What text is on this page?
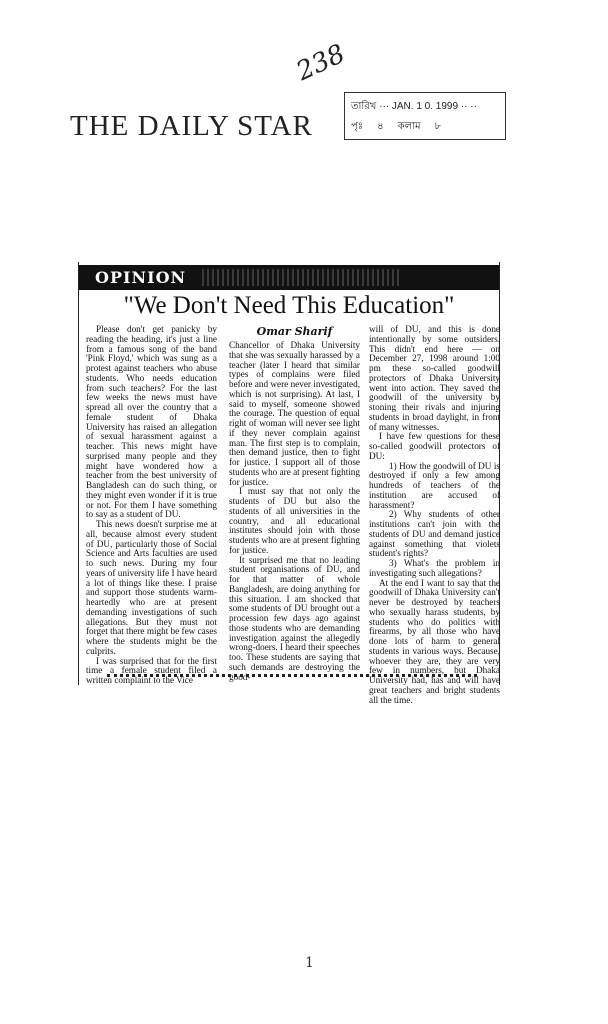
238
THE DAILY STAR
তারিখ ··· JAN. 1 0. 1999 ·· ··
পৃঃ ৪ কলাম ৮
OPINION
"We Don't Need This Education"

Please don't get panicky by reading the heading, it's just a line from a famous song of the band 'Pink Floyd,' which was sung as a protest against teachers who abuse students. Who needs education from such teachers? For the last few weeks the news must have spread all over the country that a female student of Dhaka University has raised an allegation of sexual harassment against a teacher. This news might have surprised many people and they might have wondered how a teacher from the best university of Bangladesh can do such thing, or they might even wonder if it is true or not. For them I have something to say as a student of DU.

This news doesn't surprise me at all, because almost every student of DU, particularly those of Social Science and Arts faculties are used to such news. During my four years of university life I have heard a lot of things like these. I praise and support those students warm-heartedly who are at present demanding investigations of such allegations. But they must not forget that there might be few cases where the students might be the culprits.

I was surprised that for the first time a female student filed a written complaint to the Vice

Omar Sharif

Chancellor of Dhaka University that she was sexually harassed by a teacher (later I heard that similar types of complains were filed before and were never investigated, which is not surprising). At last, I said to myself, someone showed the courage. The question of equal right of woman will never see light if they never complain against man. The first step is to complain, then demand justice, then to fight for justice. I support all of those students who are at present fighting for justice.

I must say that not only the students of DU but also the students of all universities in the country, and all educational institutes should join with those students who are at present fighting for justice.

It surprised me that no leading student organisations of DU, and for that matter of whole Bangladesh, are doing anything for this situation. I am shocked that some students of DU brought out a procession few days ago against those students who are demanding investigation against the allegedly wrong-doers. I heard their speeches too. These students are saying that such demands are destroying the good-

will of DU, and this is done intentionally by some outsiders. This didn't end here — on December 27, 1998 around 1:00 pm these so-called goodwill protectors of Dhaka University went into action. They saved the goodwill of the university by stoning their rivals and injuring students in broad daylight, in front of many witnesses.

I have few questions for these so-called goodwill protectors of DU:

1) How the goodwill of DU is destroyed if only a few among hundreds of teachers of the institution are accused of harassment?

2) Why students of other institutions can't join with the students of DU and demand justice against something that violets student's rights?

3) What's the problem in investigating such allegations?

At the end I want to say that the goodwill of Dhaka University can't never be destroyed by teachers who sexually harass students, by students who do politics with firearms, by all those who have done lots of harm to general students in various ways. Because, whoever they are, they are very few in numbers, but Dhaka University had, has and will have great teachers and bright students all the time.

1
